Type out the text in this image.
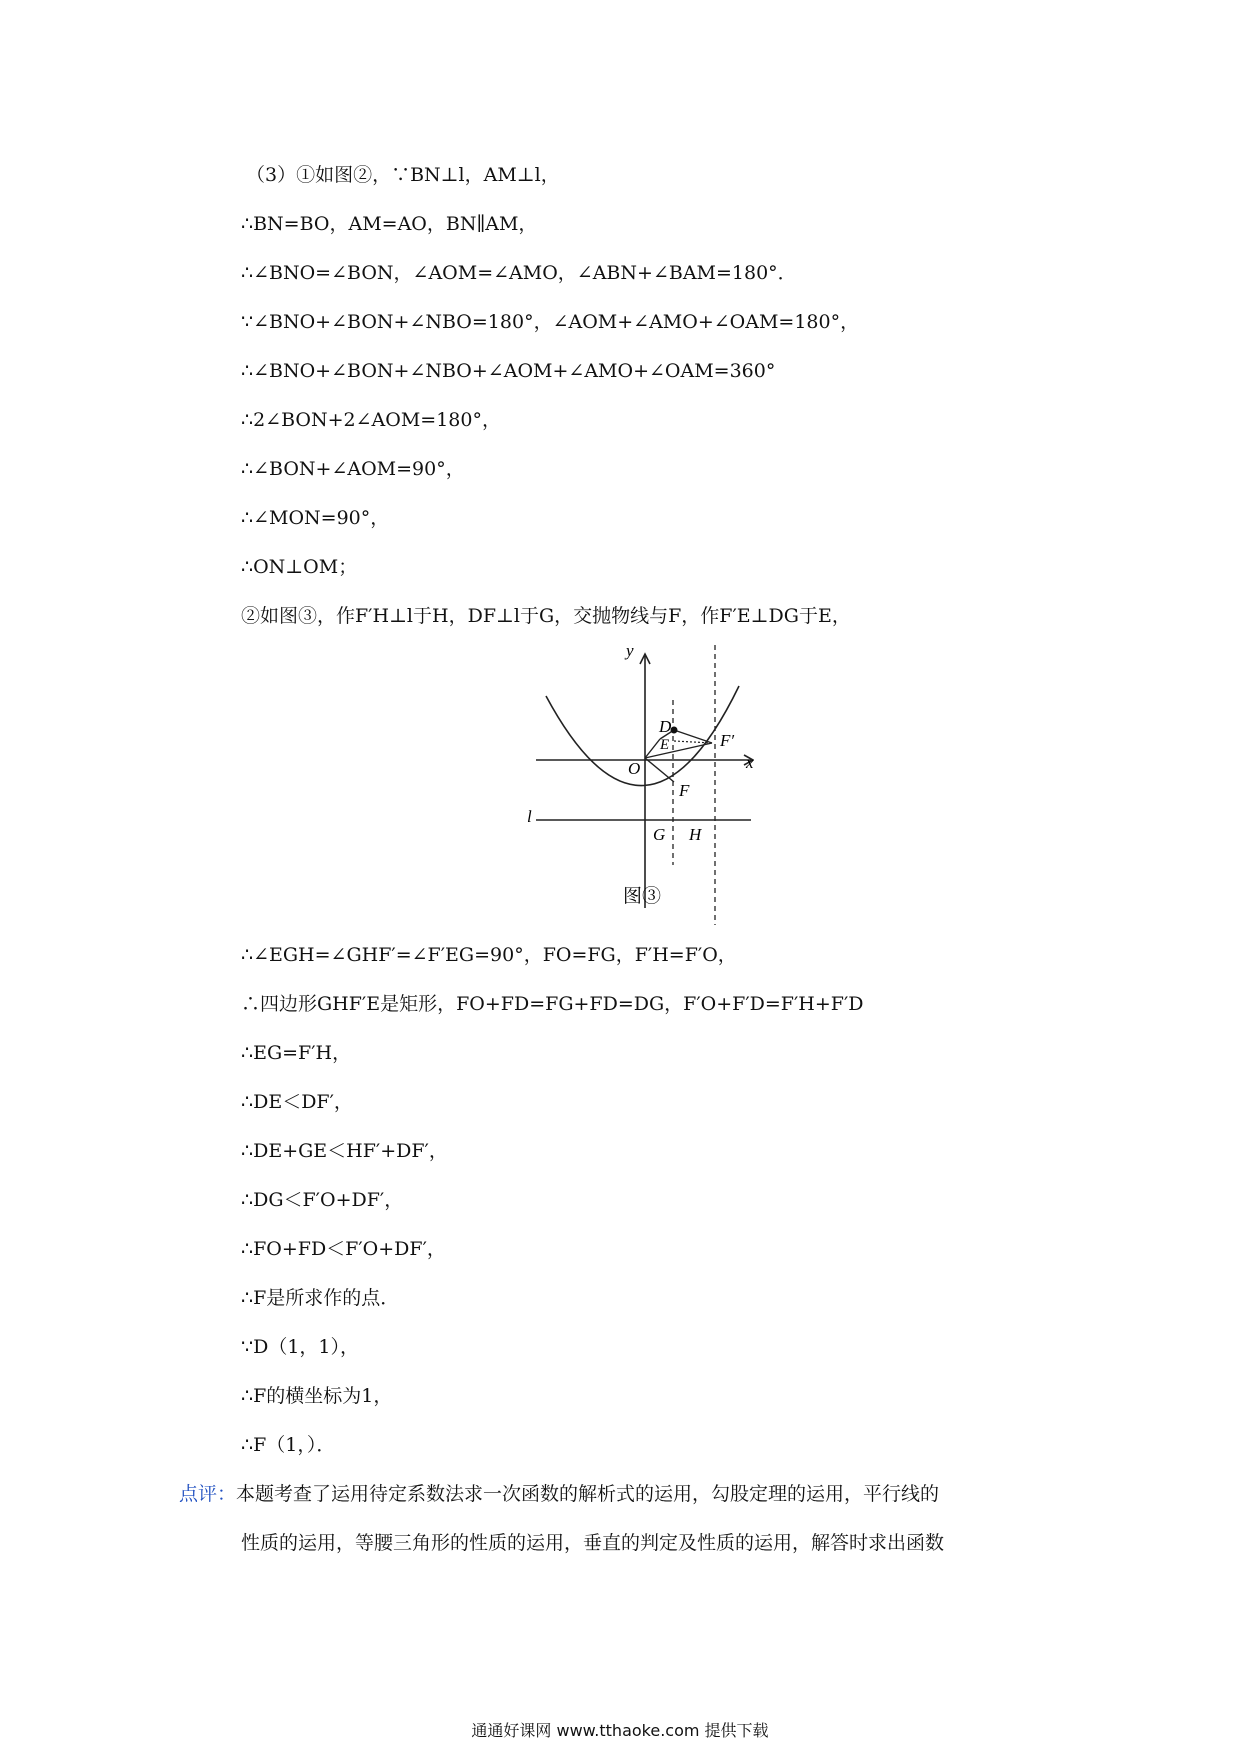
（3）①如图②，∵BN⊥l，AM⊥l，
∴BN=BO，AM=AO，BN∥AM，
∴∠BNO=∠BON，∠AOM=∠AMO，∠ABN+∠BAM=180°．
∵∠BNO+∠BON+∠NBO=180°，∠AOM+∠AMO+∠OAM=180°，
∴∠BNO+∠BON+∠NBO+∠AOM+∠AMO+∠OAM=360°
∴2∠BON+2∠AOM=180°，
∴∠BON+∠AOM=90°，
∴∠MON=90°，
∴ON⊥OM；
②如图③，作F′H⊥l于H，DF⊥l于G，交抛物线与F，作F′E⊥DG于E，
y
x
O
D
E	F′
F
l
G H
图③
∴∠EGH=∠GHF′=∠F′EG=90°，FO=FG，F′H=F′O，
∴四边形GHF′E是矩形，FO+FD=FG+FD=DG，F′O+F′D=F′H+F′D
∴EG=F′H，
∴DE＜DF′，
∴DE+GE＜HF′+DF′，
∴DG＜F′O+DF′，
∴FO+FD＜F′O+DF′，
∴F是所求作的点．
∵D（1，1），
∴F的横坐标为1，
∴F（1，）．
点评：本题考查了运用待定系数法求一次函数的解析式的运用，勾股定理的运用，平行线的
性质的运用，等腰三角形的性质的运用，垂直的判定及性质的运用，解答时求出函数
通通好课网 www.tthaoke.com 提供下载
